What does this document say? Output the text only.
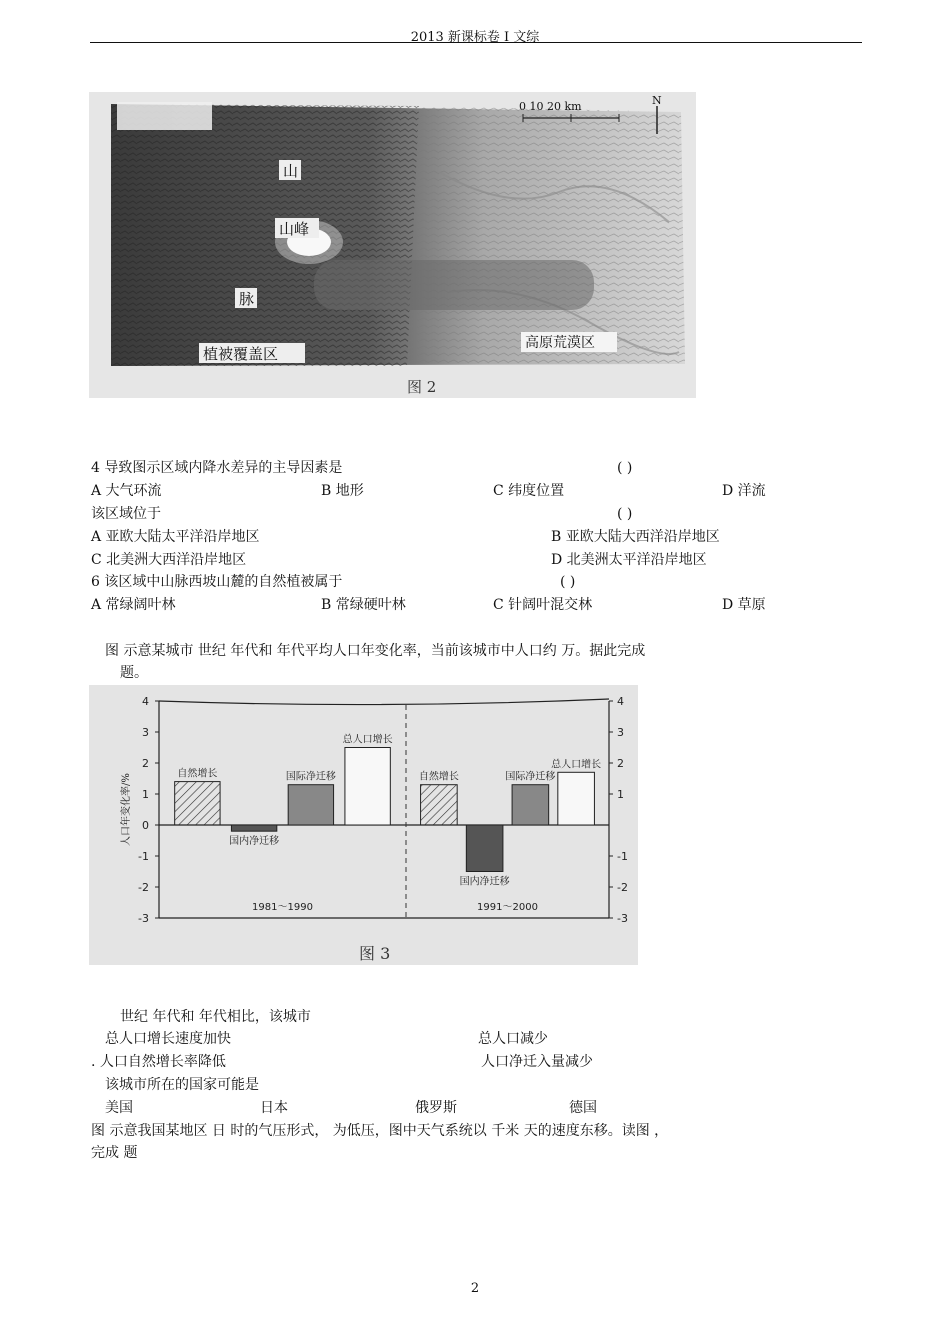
2013 新课标卷 I 文综
山
山峰
脉
植被覆盖区
高原荒漠区
0 10 20 km	N
图 2
4 导致图示区域内降水差异的主导因素是	( )
A 大气环流	B 地形	C 纬度位置	D 洋流
该区域位于	( )
A 亚欧大陆太平洋沿岸地区	B 亚欧大陆大西洋沿岸地区
C 北美洲大西洋沿岸地区	D 北美洲太平洋沿岸地区
6 该区域中山脉西坡山麓的自然植被属于	( )
A 常绿阔叶林	B 常绿硬叶林	C 针阔叶混交林	D 草原
图 示意某城市 世纪 年代和 年代平均人口年变化率，当前该城市中人口约 万。据此完成
题。
4
3
2
1
0
-1
-2
-3
4
3
2
1
-1
-2
-3
人口年变化率/%	自然增长
国内净迁移
国际净迁移
总人口增长
1981～1990
自然增长
国内净迁移
国际净迁移
总人口增长
1991～2000
图 3
世纪 年代和 年代相比，该城市
总人口增长速度加快	总人口减少
. 人口自然增长率降低	人口净迁入量减少
该城市所在的国家可能是
美国	日本	俄罗斯	德国
图 示意我国某地区 日 时的气压形式， 为低压，图中天气系统以 千米 天的速度东移。读图 ，
完成 题
2
